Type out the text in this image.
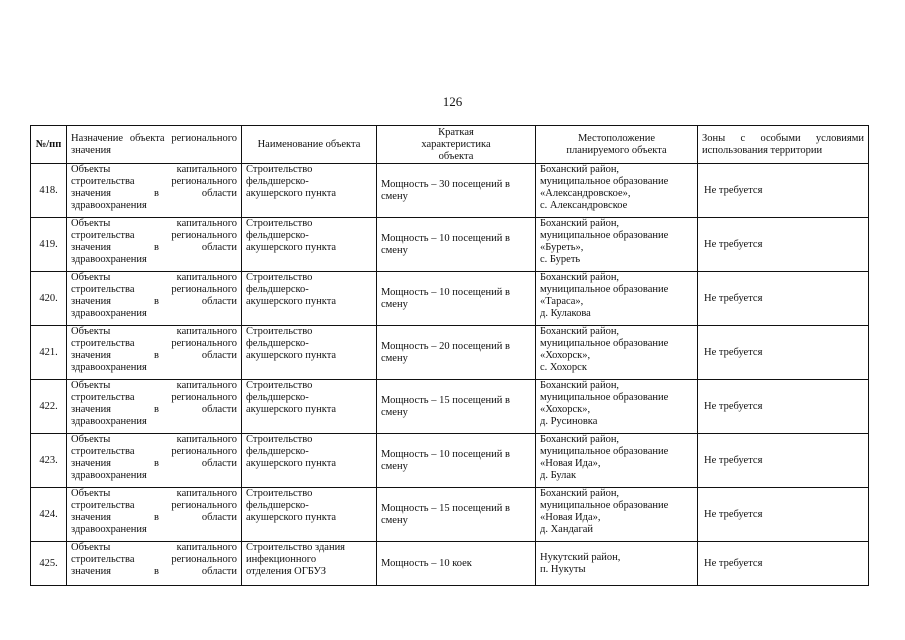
126
№/пп	Назначение объекта регионального значения	Наименование объекта	Краткая
характеристика
объекта	Местоположение
планируемого объекта	Зоны с особыми условиями использования территории
418.	Объекты капитального
строительства регионального
значения в области
здравоохранения	Строительство
фельдшерско-
акушерского пункта	Мощность – 30 посещений в
смену	Боханский район,
муниципальное образование
«Александровское»,
с. Александровское	Не требуется
419.	Объекты капитального
строительства регионального
значения в области
здравоохранения	Строительство
фельдшерско-
акушерского пункта	Мощность – 10 посещений в
смену	Боханский район,
муниципальное образование
«Буреть»,
с. Буреть	Не требуется
420.	Объекты капитального
строительства регионального
значения в области
здравоохранения	Строительство
фельдшерско-
акушерского пункта	Мощность – 10 посещений в
смену	Боханский район,
муниципальное образование
«Тараса»,
д. Кулакова	Не требуется
421.	Объекты капитального
строительства регионального
значения в области
здравоохранения	Строительство
фельдшерско-
акушерского пункта	Мощность – 20 посещений в
смену	Боханский район,
муниципальное образование
«Хохорск»,
с. Хохорск	Не требуется
422.	Объекты капитального
строительства регионального
значения в области
здравоохранения	Строительство
фельдшерско-
акушерского пункта	Мощность – 15 посещений в
смену	Боханский район,
муниципальное образование
«Хохорск»,
д. Русиновка	Не требуется
423.	Объекты капитального
строительства регионального
значения в области
здравоохранения	Строительство
фельдшерско-
акушерского пункта	Мощность – 10 посещений в
смену	Боханский район,
муниципальное образование
«Новая Ида»,
д. Булак	Не требуется
424.	Объекты капитального
строительства регионального
значения в области
здравоохранения	Строительство
фельдшерско-
акушерского пункта	Мощность – 15 посещений в
смену	Боханский район,
муниципальное образование
«Новая Ида»,
д. Хандагай	Не требуется
425.	Объекты капитального
строительства регионального
значения в области	Строительство здания
инфекционного
отделения ОГБУЗ	Мощность – 10 коек	Нукутский район,
п. Нукуты	Не требуется
